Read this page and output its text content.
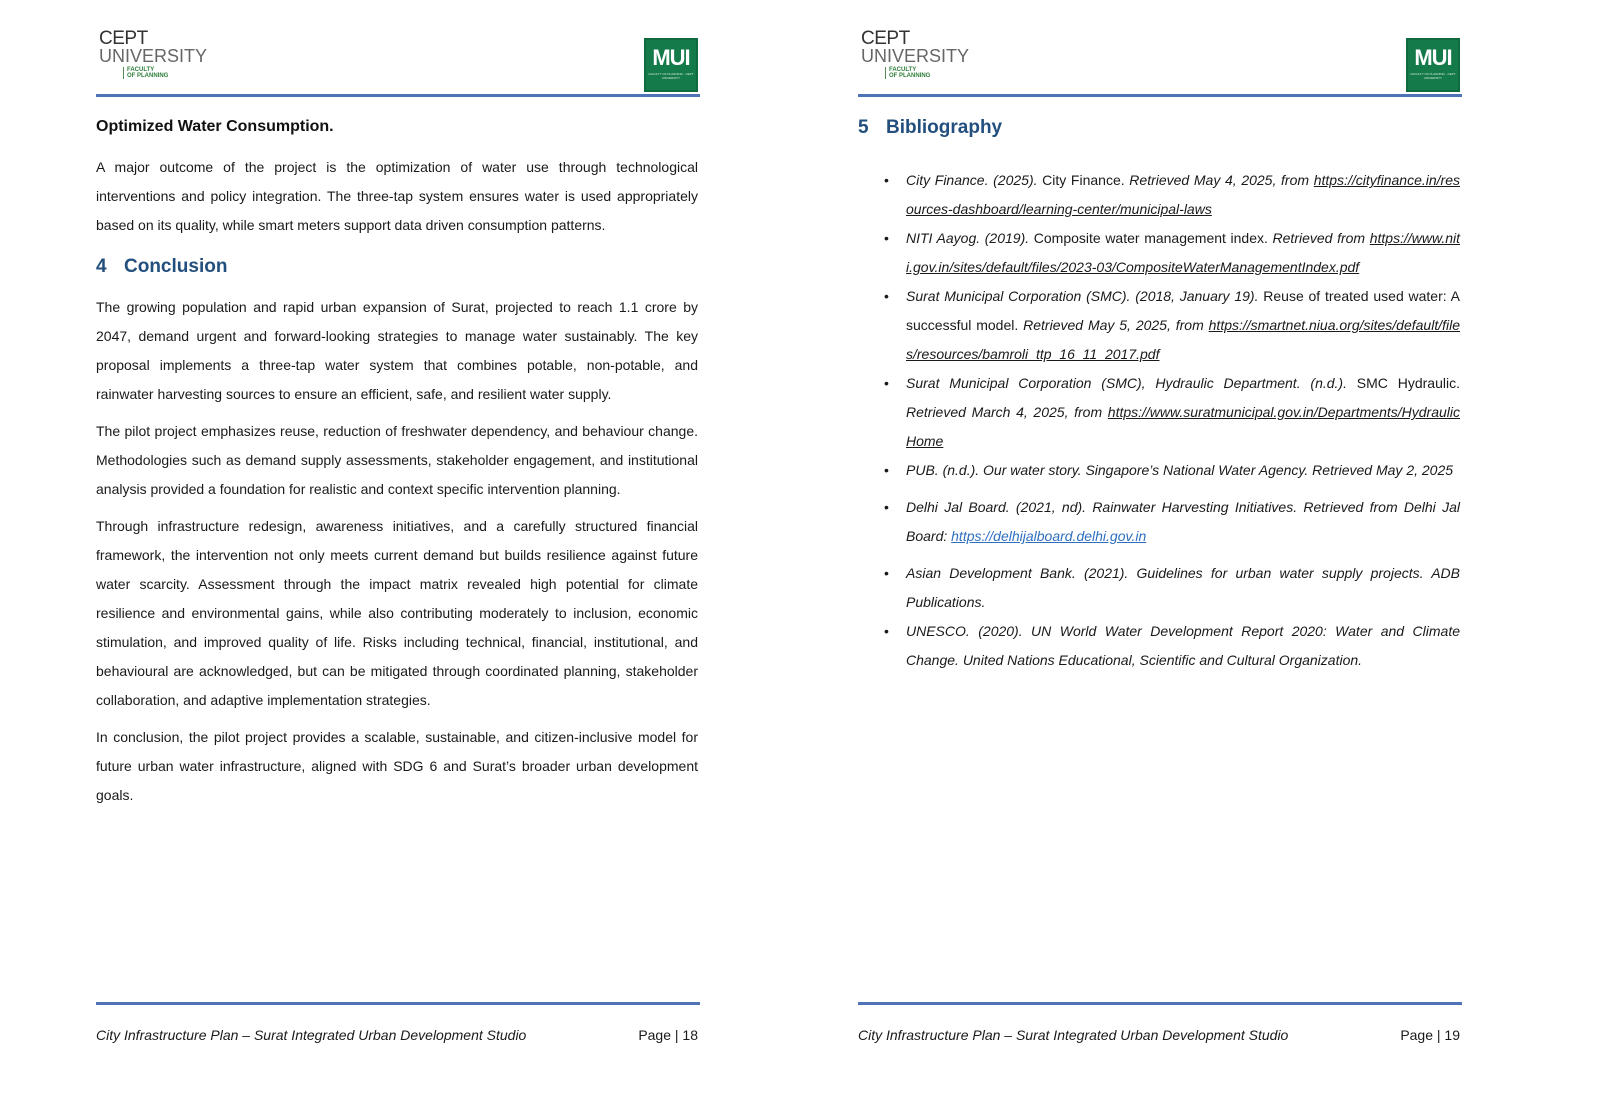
CEPT
UNIVERSITY
FACULTY
OF PLANNING
MUI
FACULTY OF PLANNING · CEPT UNIVERSITY

Optimized Water Consumption.

A major outcome of the project is the optimization of water use through technological interventions and policy integration. The three-tap system ensures water is used appropriately based on its quality, while smart meters support data driven consumption patterns.

4 Conclusion

The growing population and rapid urban expansion of Surat, projected to reach 1.1 crore by 2047, demand urgent and forward-looking strategies to manage water sustainably. The key proposal implements a three-tap water system that combines potable, non-potable, and rainwater harvesting sources to ensure an efficient, safe, and resilient water supply.

The pilot project emphasizes reuse, reduction of freshwater dependency, and behaviour change. Methodologies such as demand supply assessments, stakeholder engagement, and institutional analysis provided a foundation for realistic and context specific intervention planning.

Through infrastructure redesign, awareness initiatives, and a carefully structured financial framework, the intervention not only meets current demand but builds resilience against future water scarcity. Assessment through the impact matrix revealed high potential for climate resilience and environmental gains, while also contributing moderately to inclusion, economic stimulation, and improved quality of life. Risks including technical, financial, institutional, and behavioural are acknowledged, but can be mitigated through coordinated planning, stakeholder collaboration, and adaptive implementation strategies.

In conclusion, the pilot project provides a scalable, sustainable, and citizen-inclusive model for future urban water infrastructure, aligned with SDG 6 and Surat’s broader urban development goals.

City Infrastructure Plan – Surat Integrated Urban Development Studio	Page | 18
CEPT
UNIVERSITY
FACULTY
OF PLANNING
MUI
FACULTY OF PLANNING · CEPT UNIVERSITY
5 Bibliography
• City Finance. (2025). City Finance. Retrieved May 4, 2025, from https://cityfinance.in/resources-dashboard/learning-center/municipal-laws
• NITI Aayog. (2019). Composite water management index. Retrieved from https://www.niti.gov.in/sites/default/files/2023-03/CompositeWaterManagementIndex.pdf
• Surat Municipal Corporation (SMC). (2018, January 19). Reuse of treated used water: A successful model. Retrieved May 5, 2025, from https://smartnet.niua.org/sites/default/files/resources/bamroli_ttp_16_11_2017.pdf
• Surat Municipal Corporation (SMC), Hydraulic Department. (n.d.). SMC Hydraulic. Retrieved March 4, 2025, from https://www.suratmunicipal.gov.in/Departments/HydraulicHome
• PUB. (n.d.). Our water story. Singapore’s National Water Agency. Retrieved May 2, 2025
• Delhi Jal Board. (2021, nd). Rainwater Harvesting Initiatives. Retrieved from Delhi Jal Board: https://delhijalboard.delhi.gov.in
• Asian Development Bank. (2021). Guidelines for urban water supply projects. ADB Publications.
• UNESCO. (2020). UN World Water Development Report 2020: Water and Climate Change. United Nations Educational, Scientific and Cultural Organization.
City Infrastructure Plan – Surat Integrated Urban Development Studio	Page | 19
